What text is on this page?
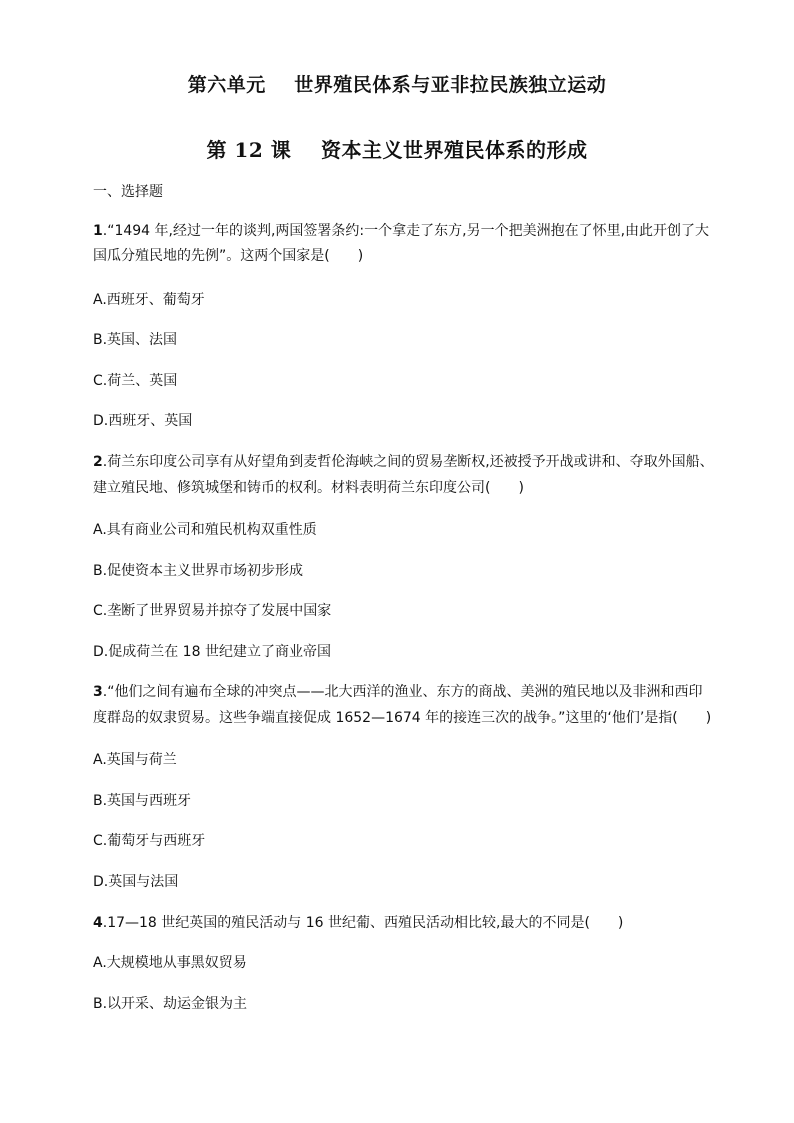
第六单元    世界殖民体系与亚非拉民族独立运动
第 12 课    资本主义世界殖民体系的形成
一、选择题
1.“1494 年,经过一年的谈判,两国签署条约:一个拿走了东方,另一个把美洲抱在了怀里,由此开创了大
国瓜分殖民地的先例”。这两个国家是(　　)
A.西班牙、葡萄牙
B.英国、法国
C.荷兰、英国
D.西班牙、英国
2.荷兰东印度公司享有从好望角到麦哲伦海峡之间的贸易垄断权,还被授予开战或讲和、夺取外国船、
建立殖民地、修筑城堡和铸币的权利。材料表明荷兰东印度公司(　　)
A.具有商业公司和殖民机构双重性质
B.促使资本主义世界市场初步形成
C.垄断了世界贸易并掠夺了发展中国家
D.促成荷兰在 18 世纪建立了商业帝国
3.“他们之间有遍布全球的冲突点——北大西洋的渔业、东方的商战、美洲的殖民地以及非洲和西印
度群岛的奴隶贸易。这些争端直接促成 1652—1674 年的接连三次的战争。”这里的‘他们’是指(　　)
A.英国与荷兰
B.英国与西班牙
C.葡萄牙与西班牙
D.英国与法国
4.17—18 世纪英国的殖民活动与 16 世纪葡、西殖民活动相比较,最大的不同是(　　)
A.大规模地从事黑奴贸易
B.以开采、劫运金银为主
